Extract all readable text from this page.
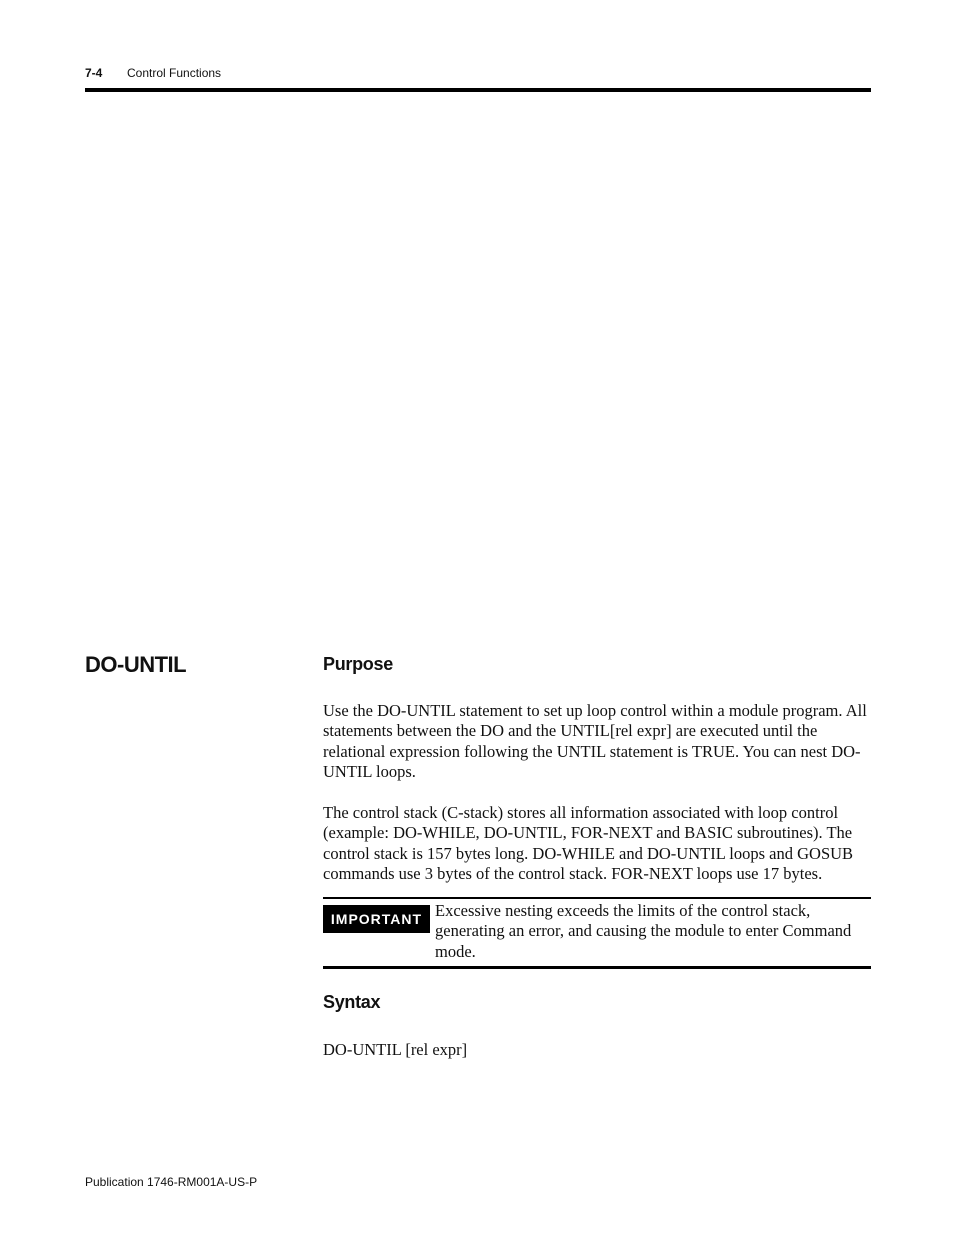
7-4 Control Functions
DO-UNTIL	Purpose
Use the DO-UNTIL statement to set up loop control within a module program. All statements between the DO and the UNTIL[rel expr] are executed until the relational expression following the UNTIL statement is TRUE. You can nest DO-UNTIL loops.
The control stack (C-stack) stores all information associated with loop control (example: DO-WHILE, DO-UNTIL, FOR-NEXT and BASIC subroutines). The control stack is 157 bytes long. DO-WHILE and DO-UNTIL loops and GOSUB commands use 3 bytes of the control stack. FOR-NEXT loops use 17 bytes.
IMPORTANT Excessive nesting exceeds the limits of the control stack, generating an error, and causing the module to enter Command mode.
Syntax
DO-UNTIL [rel expr]
Publication 1746-RM001A-US-P
